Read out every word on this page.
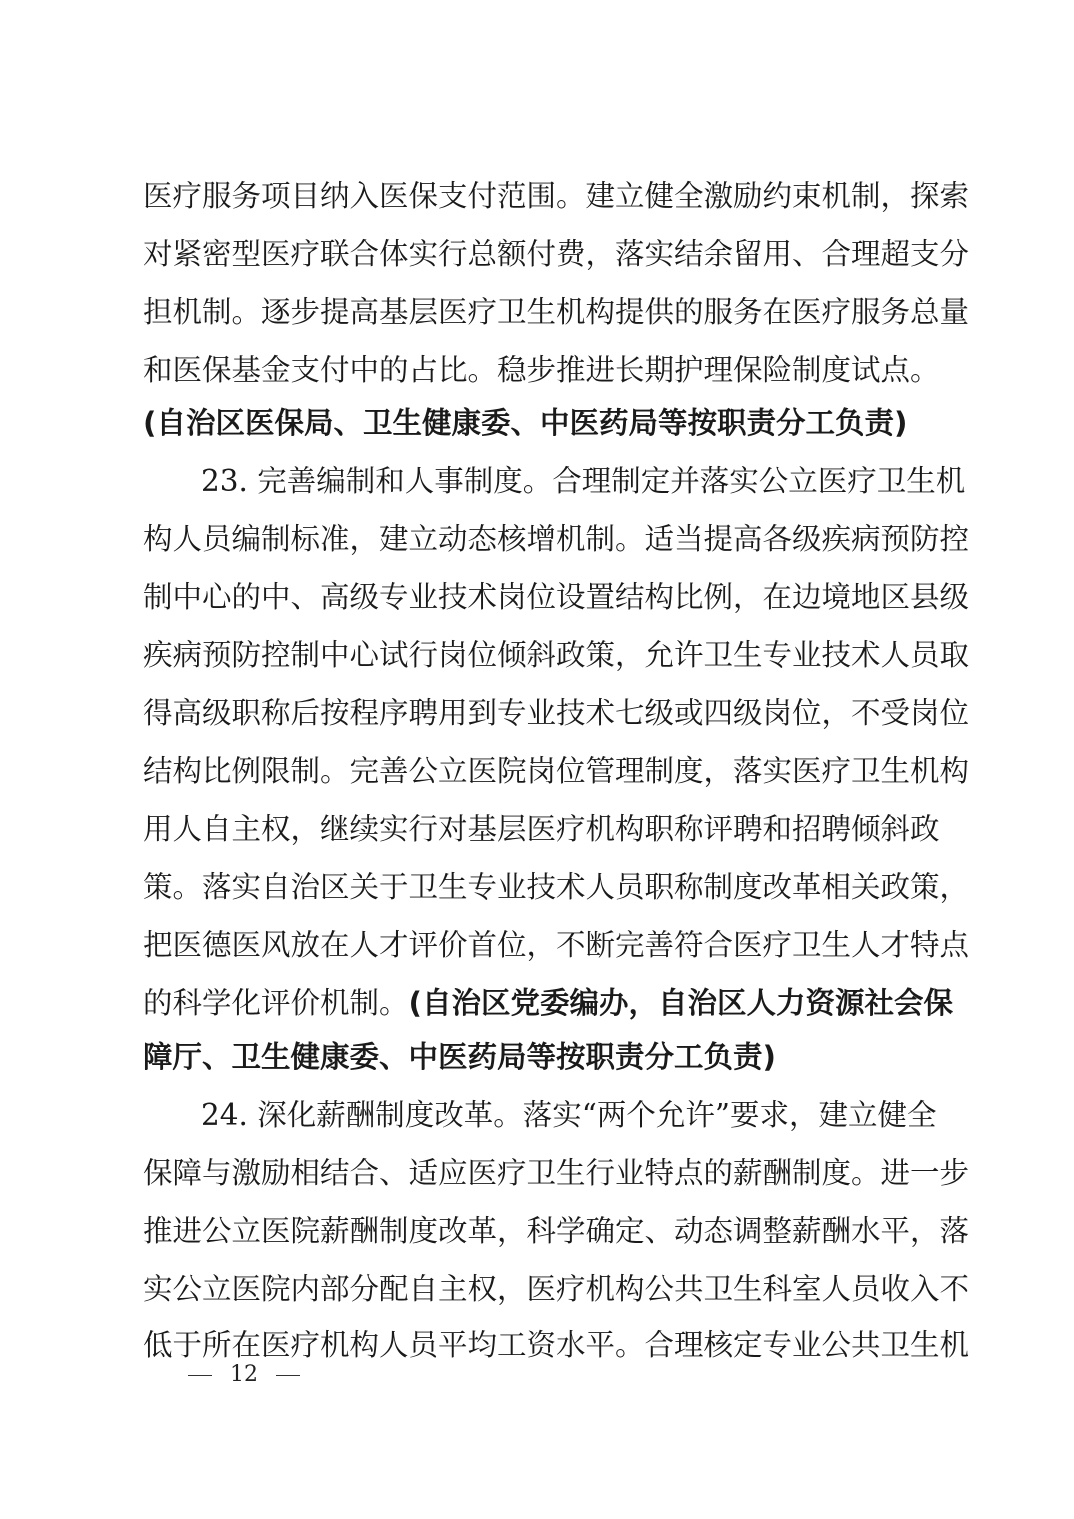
医疗服务项目纳入医保支付范围。建立健全激励约束机制，探索
对紧密型医疗联合体实行总额付费，落实结余留用、合理超支分
担机制。逐步提高基层医疗卫生机构提供的服务在医疗服务总量
和医保基金支付中的占比。稳步推进长期护理保险制度试点。
(自治区医保局、卫生健康委、中医药局等按职责分工负责)
23. 完善编制和人事制度。合理制定并落实公立医疗卫生机
构人员编制标准，建立动态核增机制。适当提高各级疾病预防控
制中心的中、高级专业技术岗位设置结构比例，在边境地区县级
疾病预防控制中心试行岗位倾斜政策，允许卫生专业技术人员取
得高级职称后按程序聘用到专业技术七级或四级岗位，不受岗位
结构比例限制。完善公立医院岗位管理制度，落实医疗卫生机构
用人自主权，继续实行对基层医疗机构职称评聘和招聘倾斜政
策。落实自治区关于卫生专业技术人员职称制度改革相关政策，
把医德医风放在人才评价首位，不断完善符合医疗卫生人才特点
的科学化评价机制。(自治区党委编办，自治区人力资源社会保
障厅、卫生健康委、中医药局等按职责分工负责)
24. 深化薪酬制度改革。落实“两个允许”要求，建立健全
保障与激励相结合、适应医疗卫生行业特点的薪酬制度。进一步
推进公立医院薪酬制度改革，科学确定、动态调整薪酬水平，落
实公立医院内部分配自主权，医疗机构公共卫生科室人员收入不
低于所在医疗机构人员平均工资水平。合理核定专业公共卫生机
12
